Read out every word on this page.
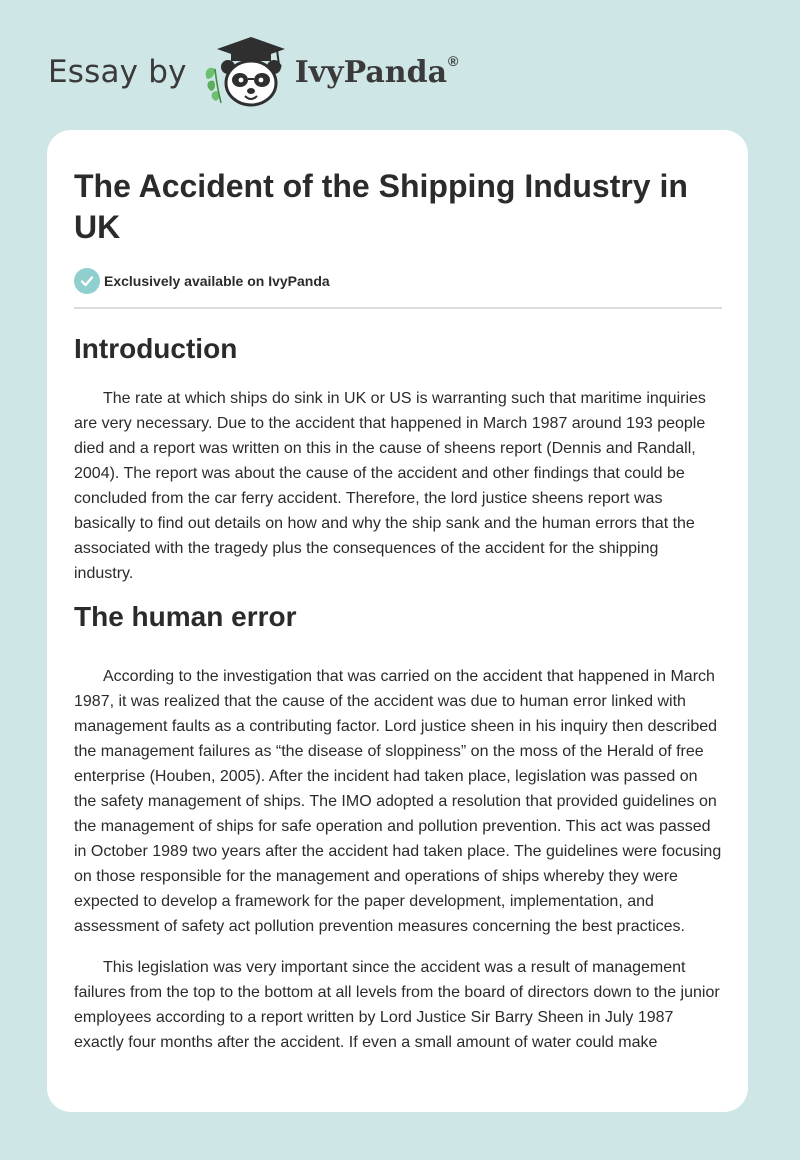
Essay by	IvyPanda®
The Accident of the Shipping Industry in UK
Exclusively available on IvyPanda
Introduction

The rate at which ships do sink in UK or US is warranting such that maritime inquiries are very necessary. Due to the accident that happened in March 1987 around 193 people died and a report was written on this in the cause of sheens report (Dennis and Randall, 2004). The report was about the cause of the accident and other findings that could be concluded from the car ferry accident. Therefore, the lord justice sheens report was basically to find out details on how and why the ship sank and the human errors that the associated with the tragedy plus the consequences of the accident for the shipping industry.

The human error

According to the investigation that was carried on the accident that happened in March 1987, it was realized that the cause of the accident was due to human error linked with management faults as a contributing factor. Lord justice sheen in his inquiry then described the management failures as “the disease of sloppiness” on the moss of the Herald of free enterprise (Houben, 2005). After the incident had taken place, legislation was passed on the safety management of ships. The IMO adopted a resolution that provided guidelines on the management of ships for safe operation and pollution prevention. This act was passed in October 1989 two years after the accident had taken place. The guidelines were focusing on those responsible for the management and operations of ships whereby they were expected to develop a framework for the paper development, implementation, and assessment of safety act pollution prevention measures concerning the best practices.

This legislation was very important since the accident was a result of management failures from the top to the bottom at all levels from the board of directors down to the junior employees according to a report written by Lord Justice Sir Barry Sheen in July 1987 exactly four months after the accident. If even a small amount of water could make
